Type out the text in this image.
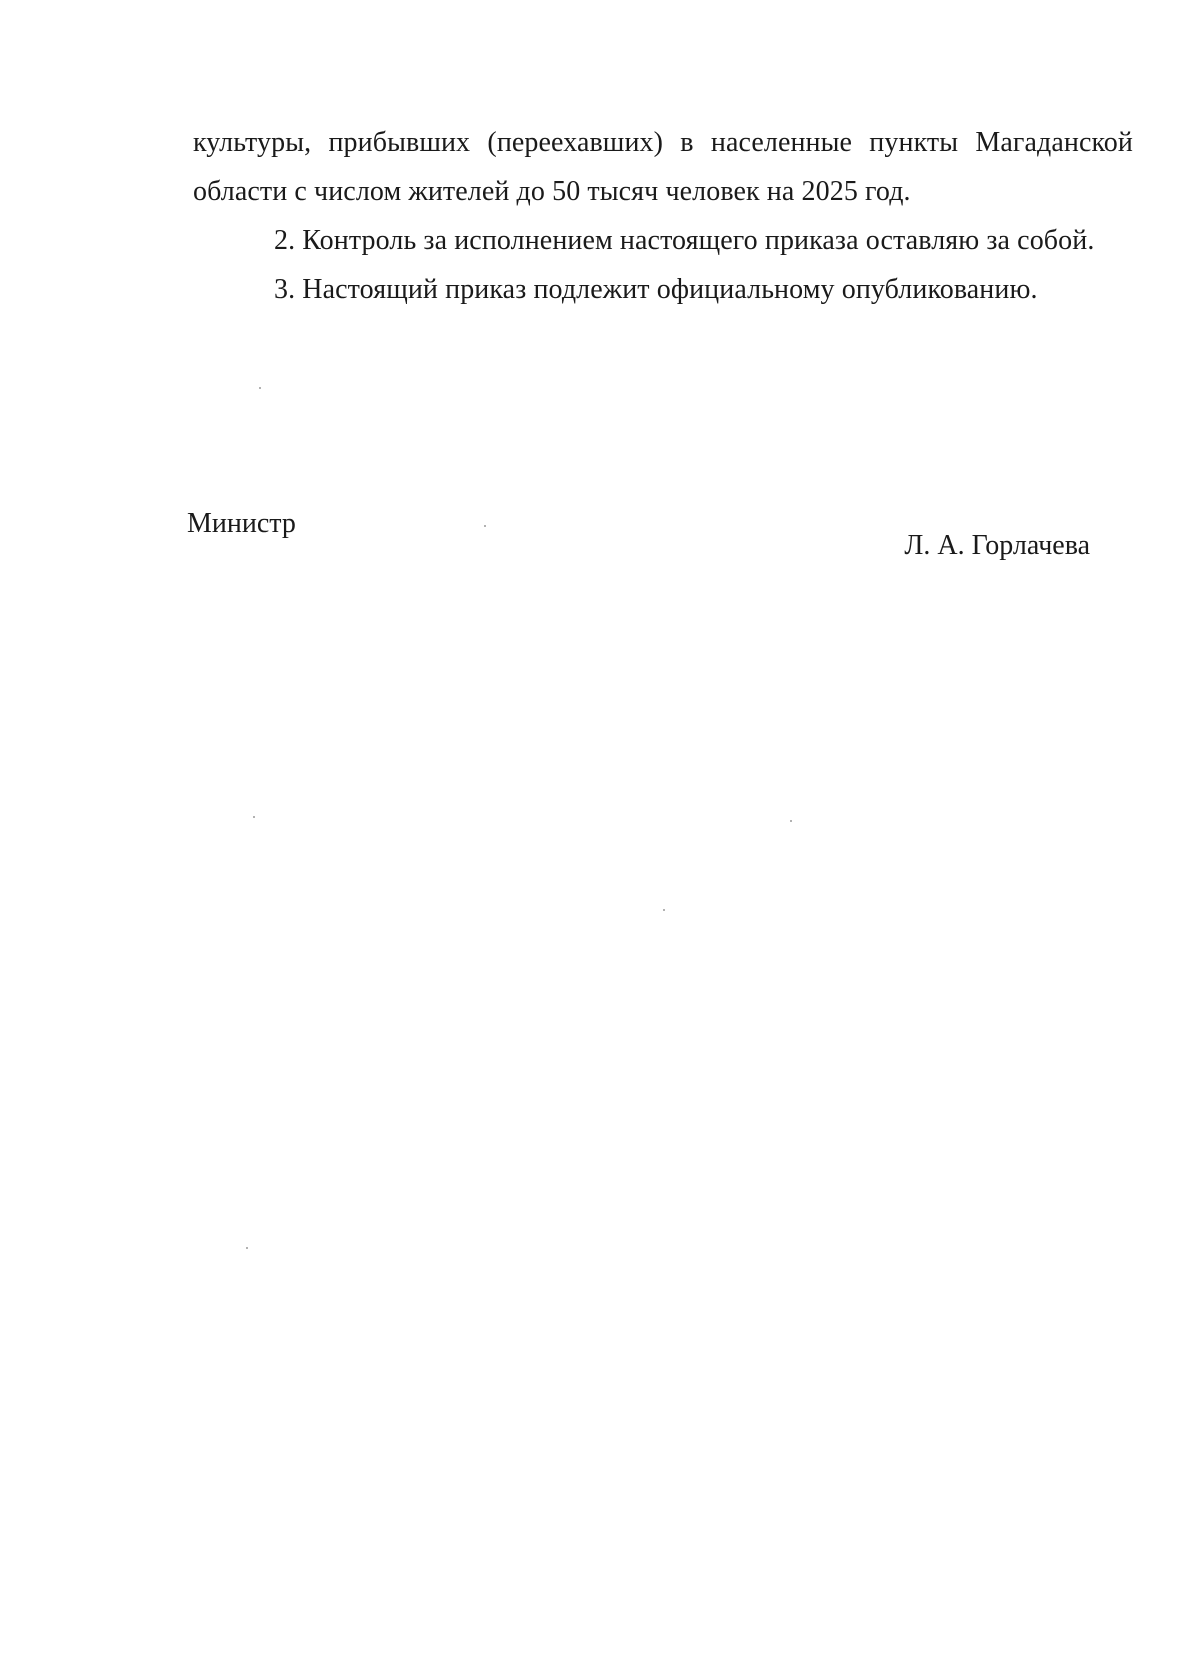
культуры, прибывших (переехавших) в населенные пункты Магаданской
области с числом жителей до 50 тысяч человек на 2025 год.

2. Контроль за исполнением настоящего приказа оставляю за собой.

3. Настоящий приказ подлежит официальному опубликованию.

Министр
Л. А. Горлачева
